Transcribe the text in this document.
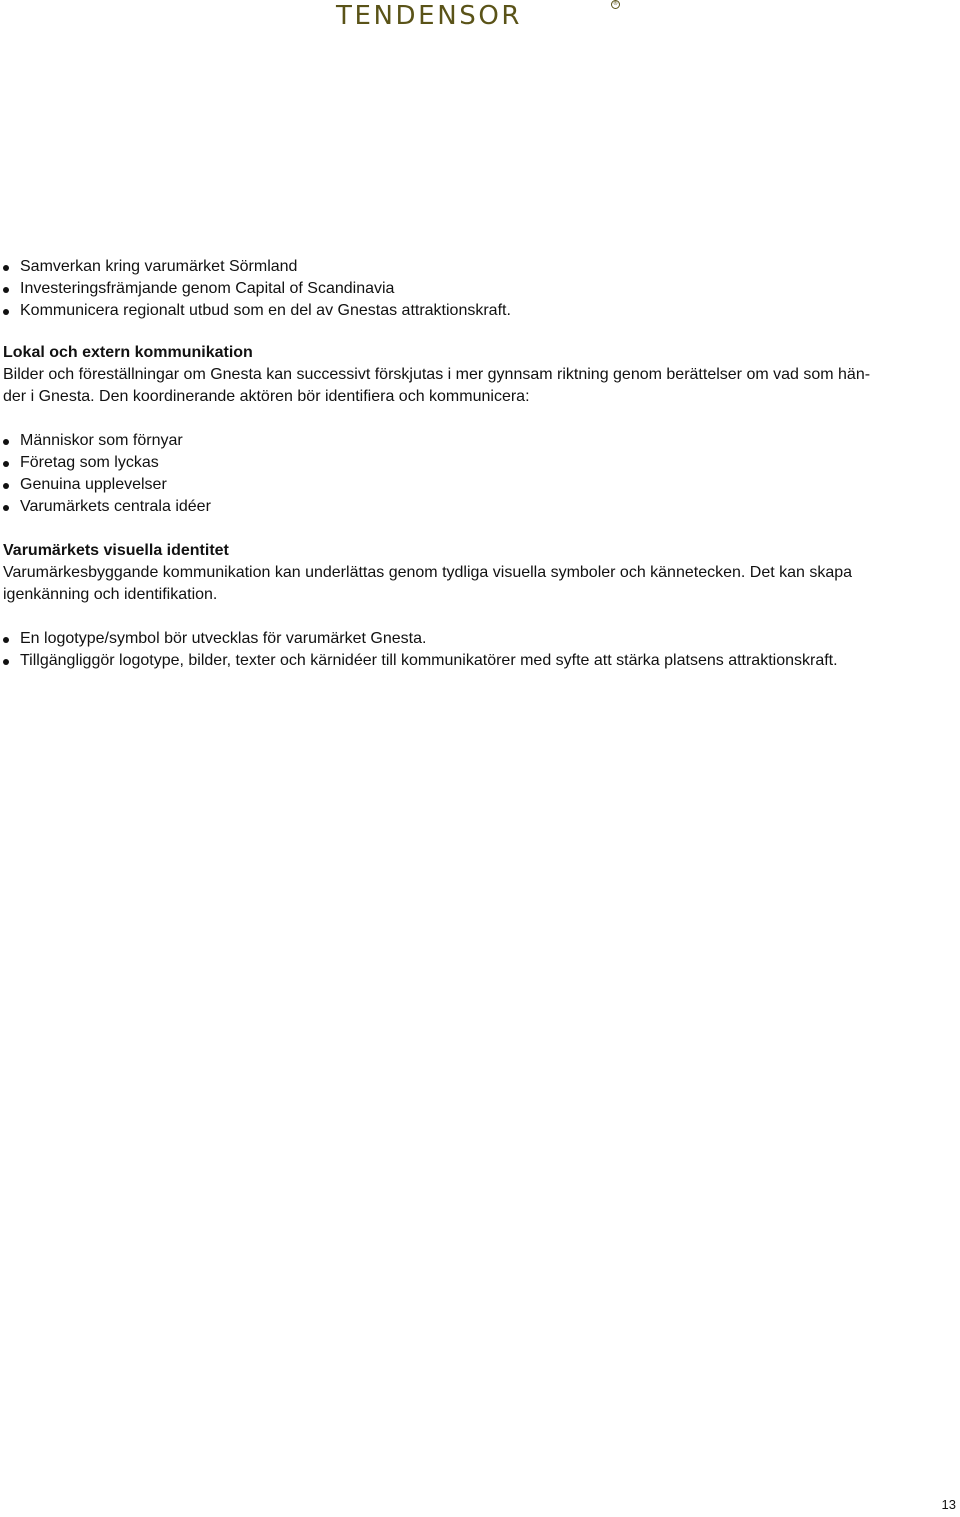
TENDENSOR	®
Samverkan kring varumärket Sörmland
Investeringsfrämjande genom Capital of Scandinavia
Kommunicera regionalt utbud som en del av Gnestas attraktionskraft.

Lokal och extern kommunikation

Bilder och föreställningar om Gnesta kan successivt förskjutas i mer gynnsam riktning genom berättelser om vad som hän-

der i Gnesta. Den koordinerande aktören bör identifiera och kommunicera:

Människor som förnyar
Företag som lyckas
Genuina upplevelser
Varumärkets centrala idéer

Varumärkets visuella identitet

Varumärkesbyggande kommunikation kan underlättas genom tydliga visuella symboler och kännetecken. Det kan skapa

igenkänning och identifikation.

En logotype/symbol bör utvecklas för varumärket Gnesta.
Tillgängliggör logotype, bilder, texter och kärnidéer till kommunikatörer med syfte att stärka platsens attraktionskraft.
13
